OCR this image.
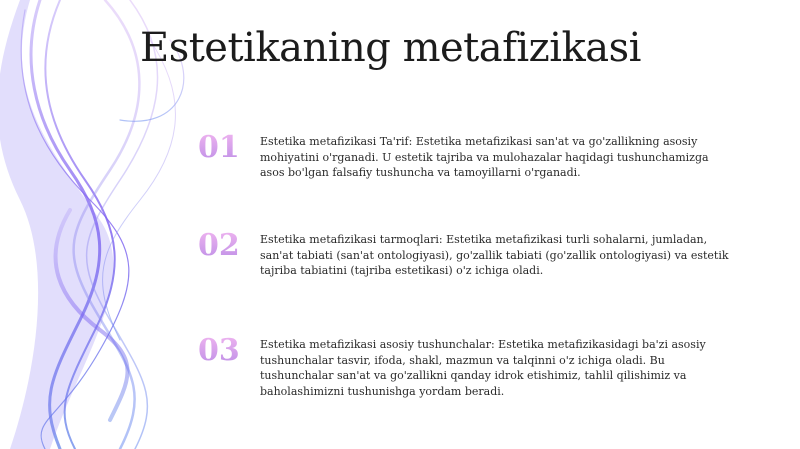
Estetikaning metafizikasi
01	Estetika metafizikasi Ta'rif: Estetika metafizikasi san'at va go'zallikning asosiy mohiyatini o'rganadi. U estetik tajriba va mulohazalar haqidagi tushunchamizga asos bo'lgan falsafiy tushuncha va tamoyillarni o'rganadi.
02	Estetika metafizikasi tarmoqlari: Estetika metafizikasi turli sohalarni, jumladan, san'at tabiati (san'at ontologiyasi), go'zallik tabiati (go'zallik ontologiyasi) va estetik tajriba tabiatini (tajriba estetikasi) o'z ichiga oladi.
03	Estetika metafizikasi asosiy tushunchalar: Estetika metafizikasidagi ba'zi asosiy tushunchalar tasvir, ifoda, shakl, mazmun va talqinni o'z ichiga oladi. Bu tushunchalar san'at va go'zallikni qanday idrok etishimiz, tahlil qilishimiz va baholashimizni tushunishga yordam beradi.
